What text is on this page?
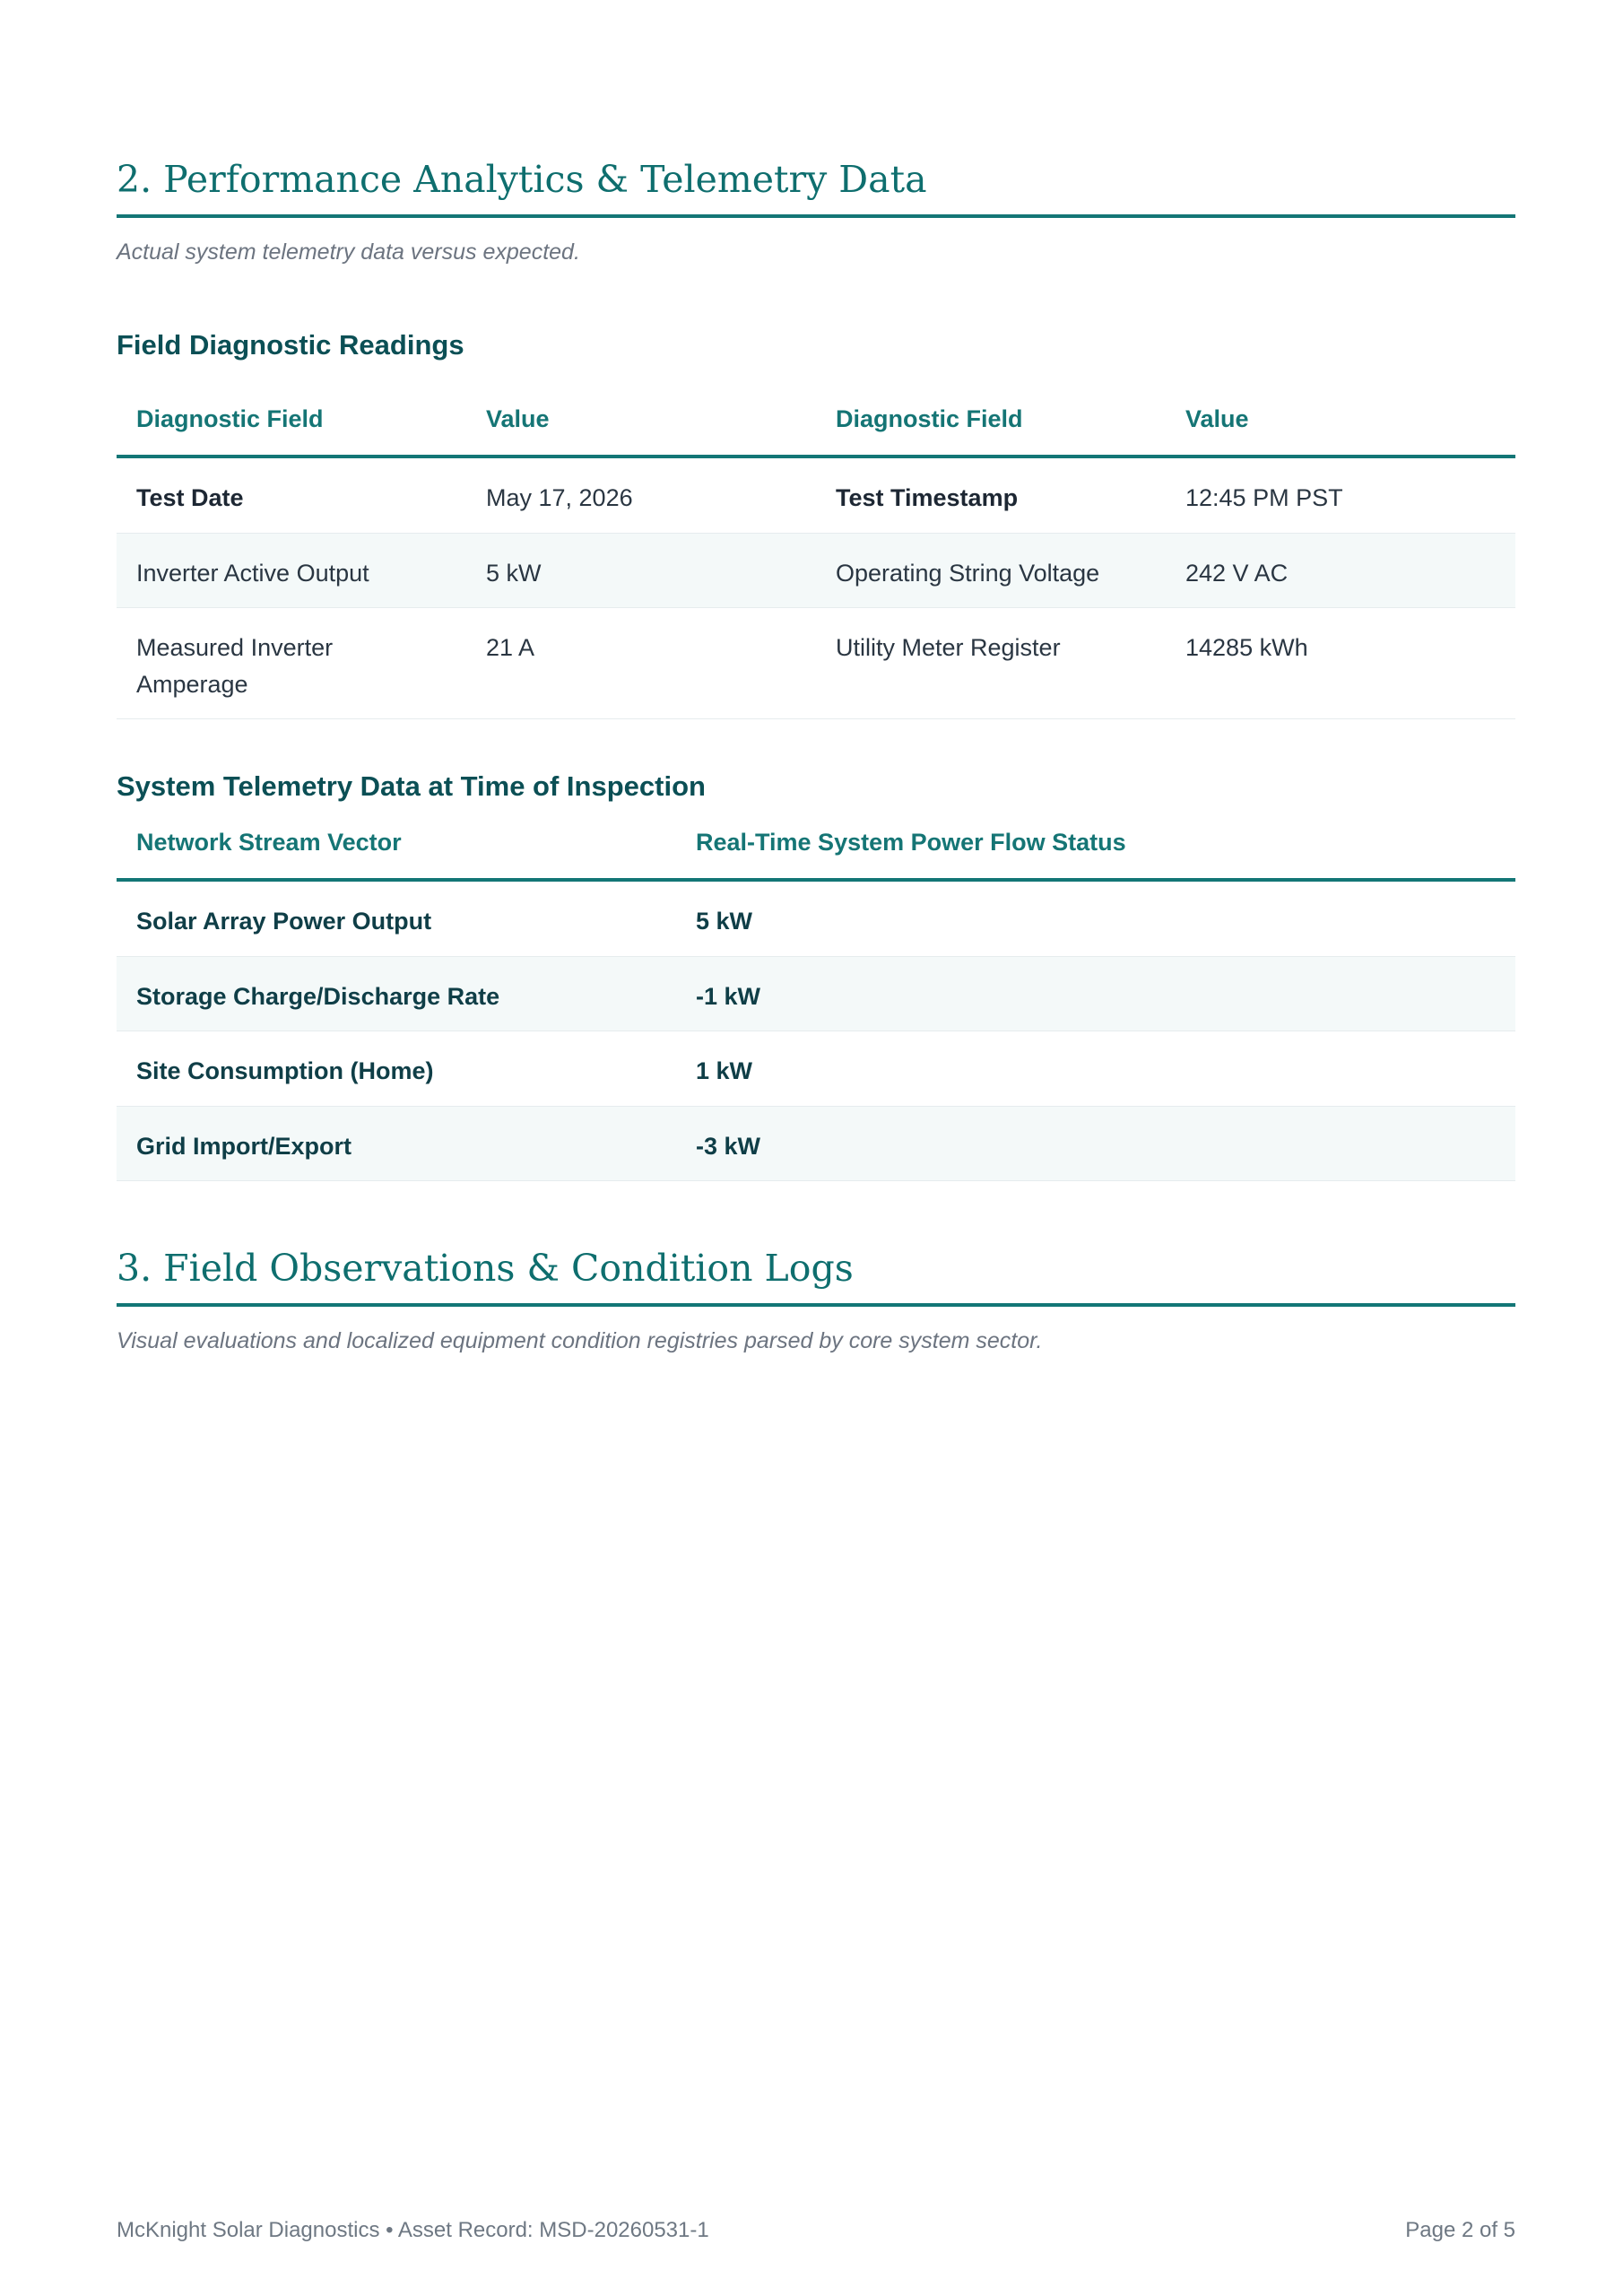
2. Performance Analytics & Telemetry Data

Actual system telemetry data versus expected.

Field Diagnostic Readings
Diagnostic Field	Value	Diagnostic Field	Value
Test Date	May 17, 2026	Test Timestamp	12:45 PM PST
Inverter Active Output	5 kW	Operating String Voltage	242 V AC
Measured Inverter Amperage	21 A	Utility Meter Register	14285 kWh
System Telemetry Data at Time of Inspection
Network Stream Vector	Real-Time System Power Flow Status
Solar Array Power Output	5 kW
Storage Charge/Discharge Rate	-1 kW
Site Consumption (Home)	1 kW
Grid Import/Export	-3 kW
3. Field Observations & Condition Logs

Visual evaluations and localized equipment condition registries parsed by core system sector.

McKnight Solar Diagnostics • Asset Record: MSD-20260531-1	Page 2 of 5
